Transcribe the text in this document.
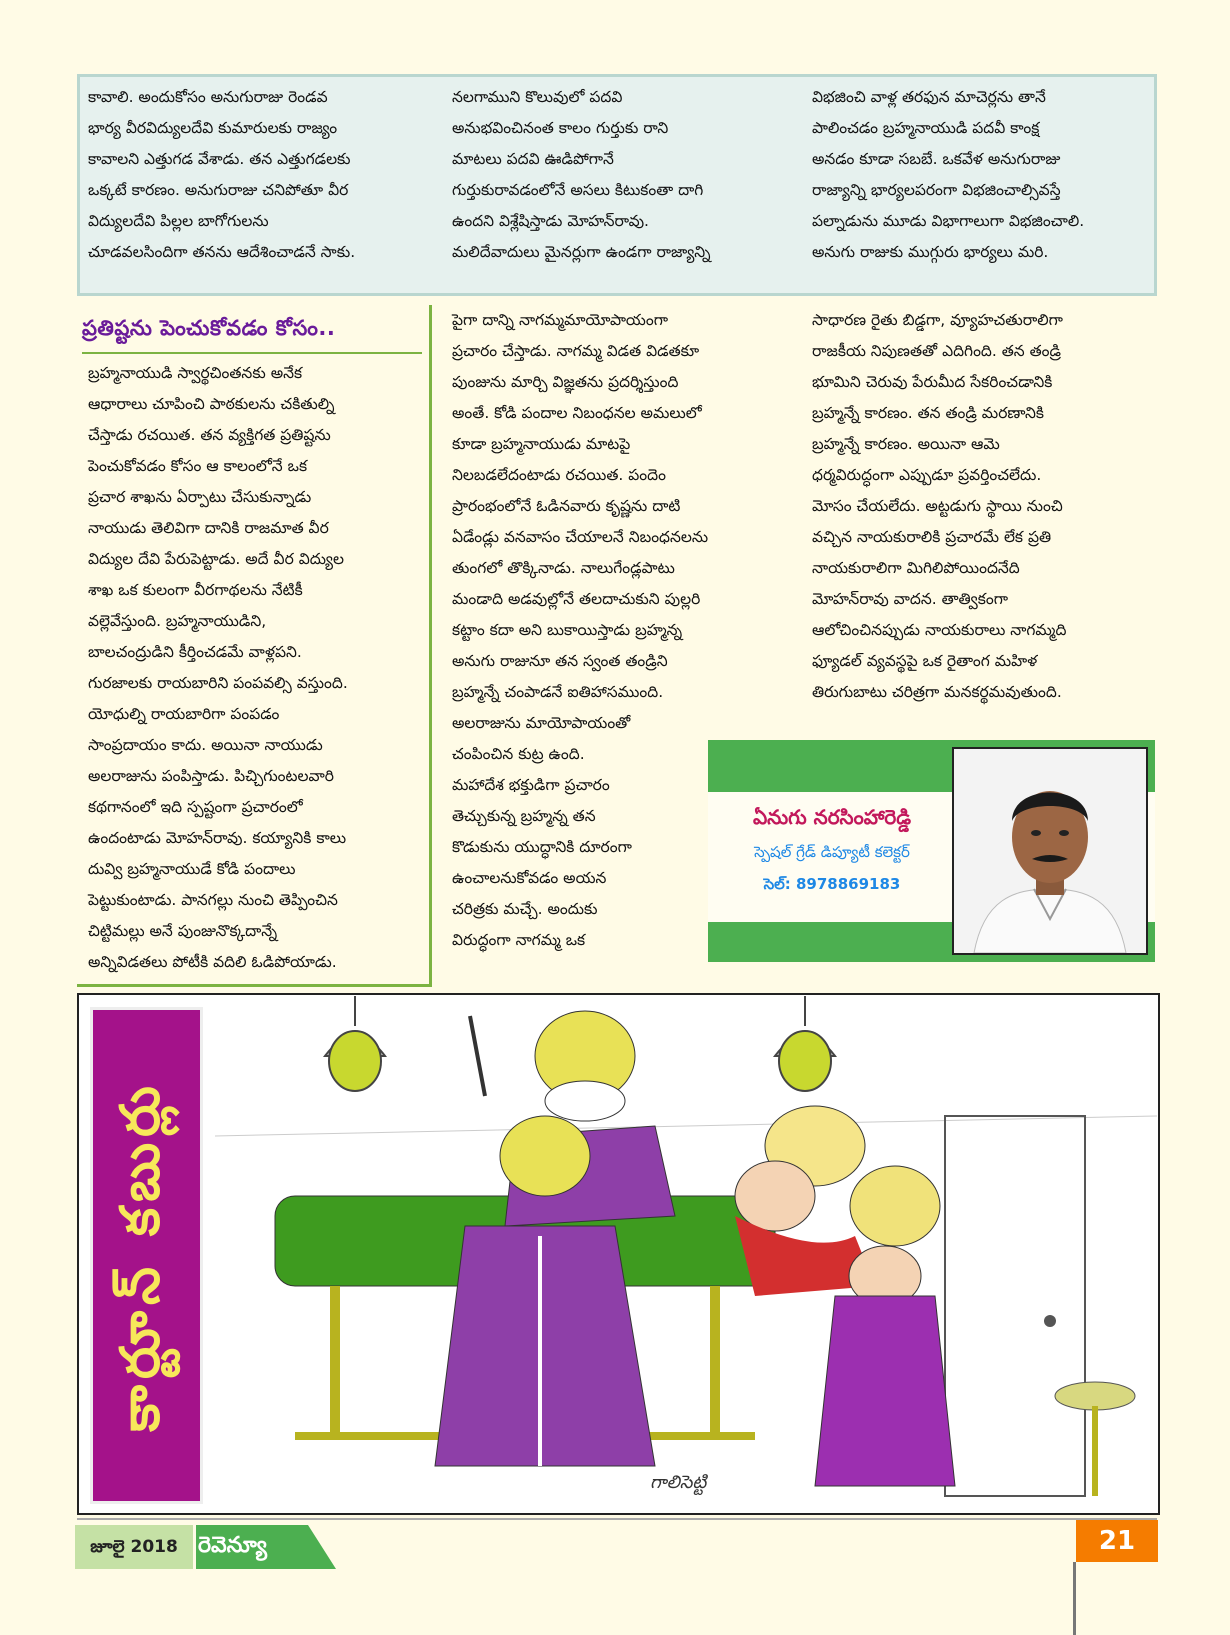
కావాలి. అందుకోసం అనుగురాజు రెండవ
భార్య వీరవిద్యులదేవి కుమారులకు రాజ్యం
కావాలని ఎత్తుగడ వేశాడు. తన ఎత్తుగడలకు
ఒక్కటే కారణం. అనుగురాజు చనిపోతూ వీర
విద్యులదేవి పిల్లల బాగోగులను
చూడవలసిందిగా తనను ఆదేశించాడనే సాకు.
నలగాముని కొలువులో పదవి
అనుభవించినంత కాలం గుర్తుకు రాని
మాటలు పదవి ఊడిపోగానే
గుర్తుకురావడంలోనే అసలు కిటుకంతా దాగి
ఉందని విశ్లేషిస్తాడు మోహన్‌రావు.
మలిదేవాదులు మైనర్లుగా ఉండగా రాజ్యాన్ని
విభజించి వాళ్ల తరఫున మాచెర్లను తానే
పాలించడం బ్రహ్మనాయుడి పదవీ కాంక్ష
అనడం కూడా సబబే. ఒకవేళ అనుగురాజు
రాజ్యాన్ని భార్యలపరంగా విభజించాల్సివస్తే
పల్నాడును మూడు విభాగాలుగా విభజించాలి.
అనుగు రాజుకు ముగ్గురు భార్యలు మరి.
ప్రతిష్టను పెంచుకోవడం కోసం..
బ్రహ్మనాయుడి స్వార్థచింతనకు అనేక
ఆధారాలు చూపించి పాఠకులను చకితుల్ని
చేస్తాడు రచయిత. తన వ్యక్తిగత ప్రతిష్టను
పెంచుకోవడం కోసం ఆ కాలంలోనే ఒక
ప్రచార శాఖను ఏర్పాటు చేసుకున్నాడు
నాయుడు తెలివిగా దానికి రాజమాత వీర
విద్యుల దేవి పేరుపెట్టాడు. అదే వీర విద్యుల
శాఖ ఒక కులంగా వీరగాథలను నేటికీ
వల్లెవేస్తుంది. బ్రహ్మనాయుడిని,
బాలచంద్రుడిని కీర్తించడమే వాళ్లపని.
గురజాలకు రాయబారిని పంపవల్సి వస్తుంది.
యోధుల్ని రాయబారిగా పంపడం
సాంప్రదాయం కాదు. అయినా నాయుడు
అలరాజును పంపిస్తాడు. పిచ్చిగుంటలవారి
కథగానంలో ఇది స్పష్టంగా ప్రచారంలో
ఉందంటాడు మోహన్‌రావు. కయ్యానికి కాలు
దువ్వి బ్రహ్మనాయుడే కోడి పందాలు
పెట్టుకుంటాడు. పానగల్లు నుంచి తెప్పించిన
చిట్టిమల్లు అనే పుంజునొక్కదాన్నే
అన్నివిడతలు పోటీకి వదిలి ఓడిపోయాడు.
పైగా దాన్ని నాగమ్మమాయోపాయంగా
ప్రచారం చేస్తాడు. నాగమ్మ విడత విడతకూ
పుంజును మార్చి విజ్ఞతను ప్రదర్శిస్తుంది
అంతే. కోడి పందాల నిబంధనల అమలులో
కూడా బ్రహ్మనాయుడు మాటపై
నిలబడలేదంటాడు రచయిత. పందెం
ప్రారంభంలోనే ఓడినవారు కృష్ణను దాటి
ఏడేండ్లు వనవాసం చేయాలనే నిబంధనలను
తుంగలో తొక్కినాడు. నాలుగేండ్లపాటు
మండాది అడవుల్లోనే తలదాచుకుని పుల్లరి
కట్టాం కదా అని బుకాయిస్తాడు బ్రహ్మన్న
అనుగు రాజునూ తన స్వంత తండ్రిని
బ్రహ్మన్నే చంపాడనే ఐతిహాసముంది.
అలరాజును మాయోపాయంతో
చంపించిన కుట్ర ఉంది.
మహాదేశ భక్తుడిగా ప్రచారం
తెచ్చుకున్న బ్రహ్మన్న తన
కొడుకును యుద్ధానికి దూరంగా
ఉంచాలనుకోవడం అయన
చరిత్రకు మచ్చే. అందుకు
విరుద్ధంగా నాగమ్మ ఒక
సాధారణ రైతు బిడ్డగా, వ్యూహచతురాలిగా
రాజకీయ నిపుణతతో ఎదిగింది. తన తండ్రి
భూమిని చెరువు పేరుమీద సేకరించడానికి
బ్రహ్మన్నే కారణం. తన తండ్రి మరణానికి
బ్రహ్మన్నే కారణం. అయినా ఆమె
ధర్మవిరుద్ధంగా ఎప్పుడూ ప్రవర్తించలేదు.
మోసం చేయలేదు. అట్టడుగు స్థాయి నుంచి
వచ్చిన నాయకురాలికి ప్రచారమే లేక ప్రతి
నాయకురాలిగా మిగిలిపోయిందనేది
మోహన్‌రావు వాదన. తాత్వికంగా
ఆలోచించినప్పుడు నాయకురాలు నాగమ్మది
ఫ్యూడల్ వ్యవస్థపై ఒక రైతాంగ మహిళ
తిరుగుబాటు చరిత్రగా మనకర్థమవుతుంది.
ఏనుగు నరసింహారెడ్డి
స్పెషల్ గ్రేడ్ డిప్యూటీ కలెక్టర్
సెల్: 8978869183
కార్టూన్ కబుర్లు
గాలిసెట్టి
జూలై 2018 రెవెన్యూ	21
